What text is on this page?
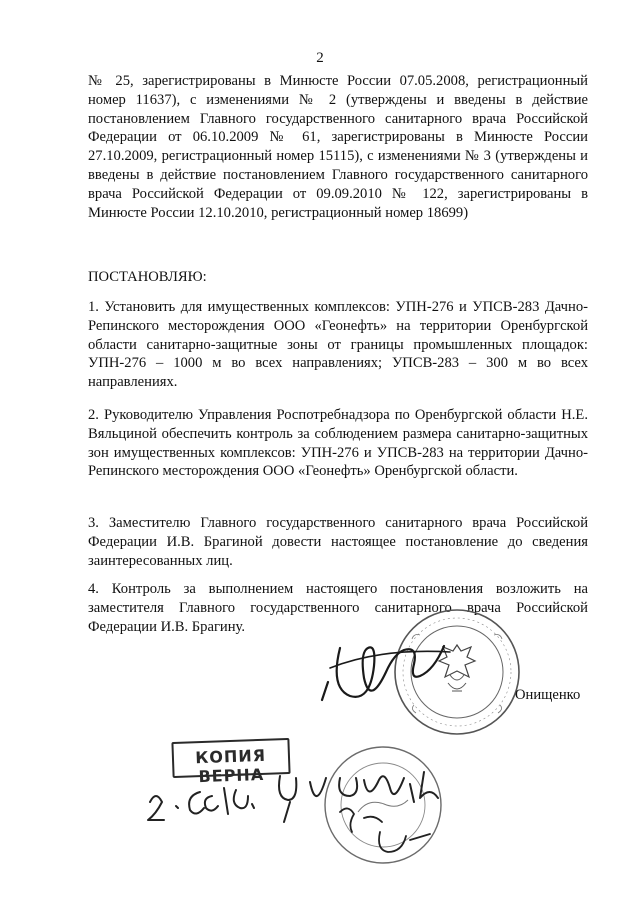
2

№ 25, зарегистрированы в Минюсте России 07.05.2008, регистрационный номер 11637), с изменениями № 2 (утверждены и введены в действие постановлением Главного государственного санитарного врача Российской Федерации от 06.10.2009 № 61, зарегистрированы в Минюсте России 27.10.2009, регистрационный номер 15115), с изменениями № 3 (утверждены и введены в действие постановлением Главного государственного санитарного врача Российской Федерации от 09.09.2010 № 122, зарегистрированы в Минюсте России 12.10.2010, регистрационный номер 18699)

ПОСТАНОВЛЯЮ:

1. Установить для имущественных комплексов: УПН-276 и УПСВ-283 Дачно-Репинского месторождения ООО «Геонефть» на территории Оренбургской области санитарно-защитные зоны от границы промышленных площадок: УПН-276 – 1000 м во всех направлениях; УПСВ-283 – 300 м во всех направлениях.

2. Руководителю Управления Роспотребнадзора по Оренбургской области Н.Е. Вяльциной обеспечить контроль за соблюдением размера санитарно-защитных зон имущественных комплексов: УПН-276 и УПСВ-283 на территории Дачно-Репинского месторождения ООО «Геонефть» Оренбургской области.

3. Заместителю Главного государственного санитарного врача Российской Федерации И.В. Брагиной довести настоящее постановление до сведения заинтересованных лиц.

4. Контроль за выполнением настоящего постановления возложить на заместителя Главного государственного санитарного врача Российской Федерации И.В. Брагину.

Онищенко
КОПИЯ ВЕРНА
